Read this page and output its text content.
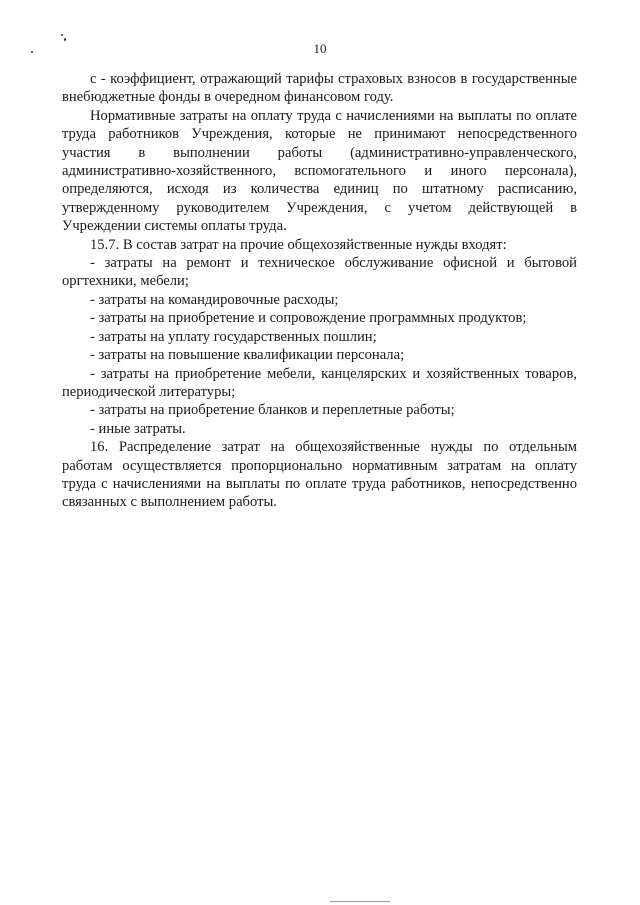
10

с - коэффициент, отражающий тарифы страховых взносов в государственные внебюджетные фонды в очередном финансовом году.

Нормативные затраты на оплату труда с начислениями на выплаты по оплате труда работников Учреждения, которые не принимают непосредственного участия в выполнении работы (административно-управленческого, административно-хозяйственного, вспомогательного и иного персонала), определяются, исходя из количества единиц по штатному расписанию, утвержденному руководителем Учреждения, с учетом действующей в Учреждении системы оплаты труда.

15.7. В состав затрат на прочие общехозяйственные нужды входят:

- затраты на ремонт и техническое обслуживание офисной и бытовой оргтехники, мебели;

- затраты на командировочные расходы;

- затраты на приобретение и сопровождение программных продуктов;

- затраты на уплату государственных пошлин;

- затраты на повышение квалификации персонала;

- затраты на приобретение мебели, канцелярских и хозяйственных товаров, периодической литературы;

- затраты на приобретение бланков и переплетные работы;

- иные затраты.

16. Распределение затрат на общехозяйственные нужды по отдельным работам осуществляется пропорционально нормативным затратам на оплату труда с начислениями на выплаты по оплате труда работников, непосредственно связанных с выполнением работы.
